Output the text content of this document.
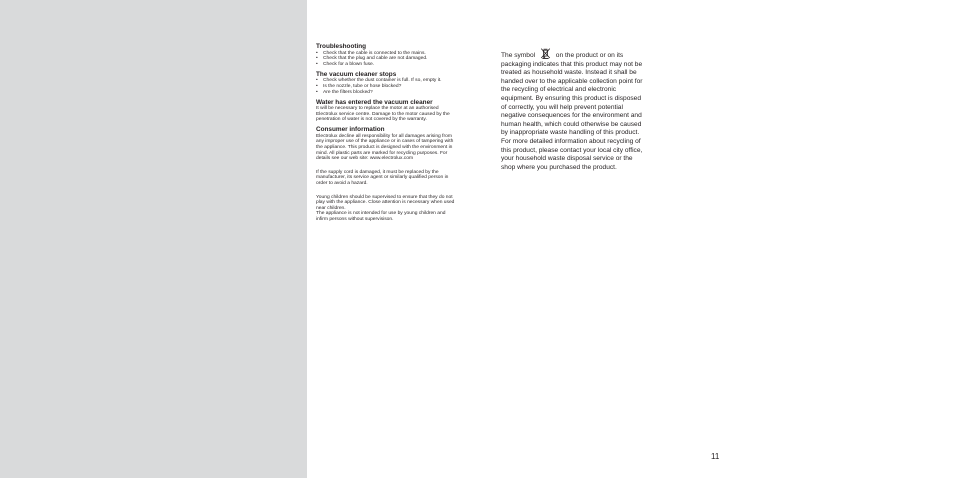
Troubleshooting
• Check that the cable is connected to the mains.
• Check that the plug and cable are not damaged.
• Check for a blown fuse.
The vacuum cleaner stops
• Check whether the dust container is full. If so, empty it.
• Is the nozzle, tube or hose blocked?
• Are the filters blocked?
Water has entered the vacuum cleaner

It will be necessary to replace the motor at an authorised Electrolux service centre. Damage to the motor caused by the penetration of water is not covered by the warranty.

Consumer information

Electrolux decline all responsibility for all damages arising from any improper use of the appliance or in cases of tampering with the appliance. This product is designed with the environment in mind. All plastic parts are marked for recycling purposes. For details see our web site: www.electrolux.com

If the supply cord is damaged, it must be replaced by the manufacturer, its service agent or similarly qualified person in order to avoid a hazard.

Young children should be supervised to ensure that they do not play with the appliance. Close attention is necessary when used near children.

The appliance is not intended for use by young children and infirm persons without supervisison.

The symbol	on the product or on its packaging indicates that this product may not be treated as household waste. Instead it shall be handed over to the applicable collection point for the recycling of electrical and electronic equipment. By ensuring this product is disposed of correctly, you will help prevent potential negative consequences for the environment and human health, which could otherwise be caused by inappropriate waste handling of this product. For more detailed information about recycling of this product, please contact your local city office, your household waste disposal service or the shop where you purchased the product.

11
